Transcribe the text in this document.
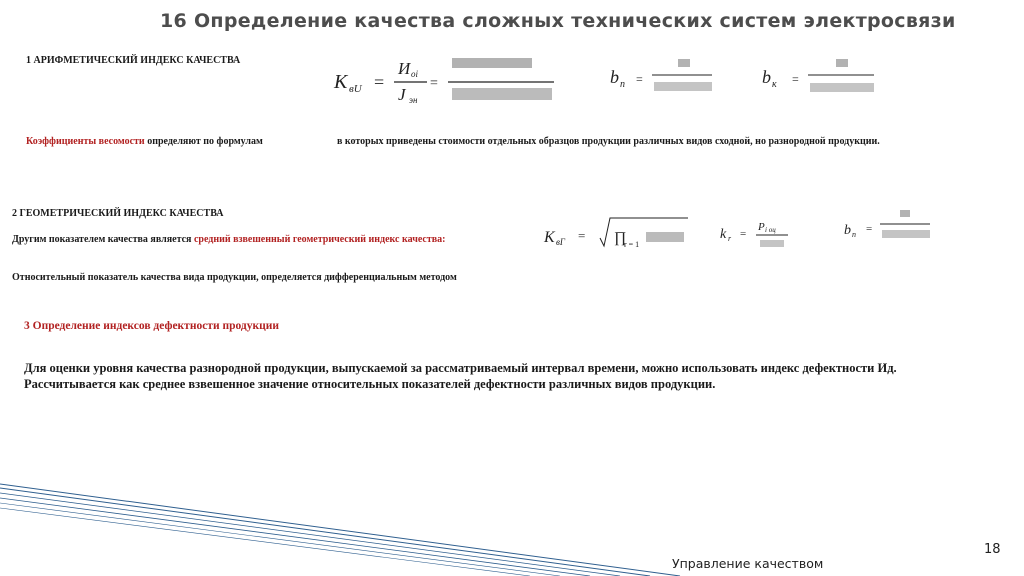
16 Определение качества сложных технических систем электросвязи
1 АРИФМЕТИЧЕСКИЙ ИНДЕКС КАЧЕСТВА
К вU =
И оі
J эн
=	b п =	b к =
Коэффициенты весомости определяют по формулам	в которых приведены стоимости отдельных образцов продукции различных видов сходной, но разнородной продукции.
2 ГЕОМЕТРИЧЕСКИЙ ИНДЕКС КАЧЕСТВА
Другим показателем качества является средний взвешенный геометрический индекс качества:	К вГ = ∏
r = 1
k r =
P і оц	b п =
Относительный показатель качества вида продукции, определяется дифференциальным методом
3 Определение индексов дефектности продукции
Для оценки уровня качества разнородной продукции, выпускаемой за рассматриваемый интервал времени, можно использовать индекс дефектности Ид.
Рассчитывается как среднее взвешенное значение относительных показателей дефектности различных видов продукции.
Управление качеством
18
